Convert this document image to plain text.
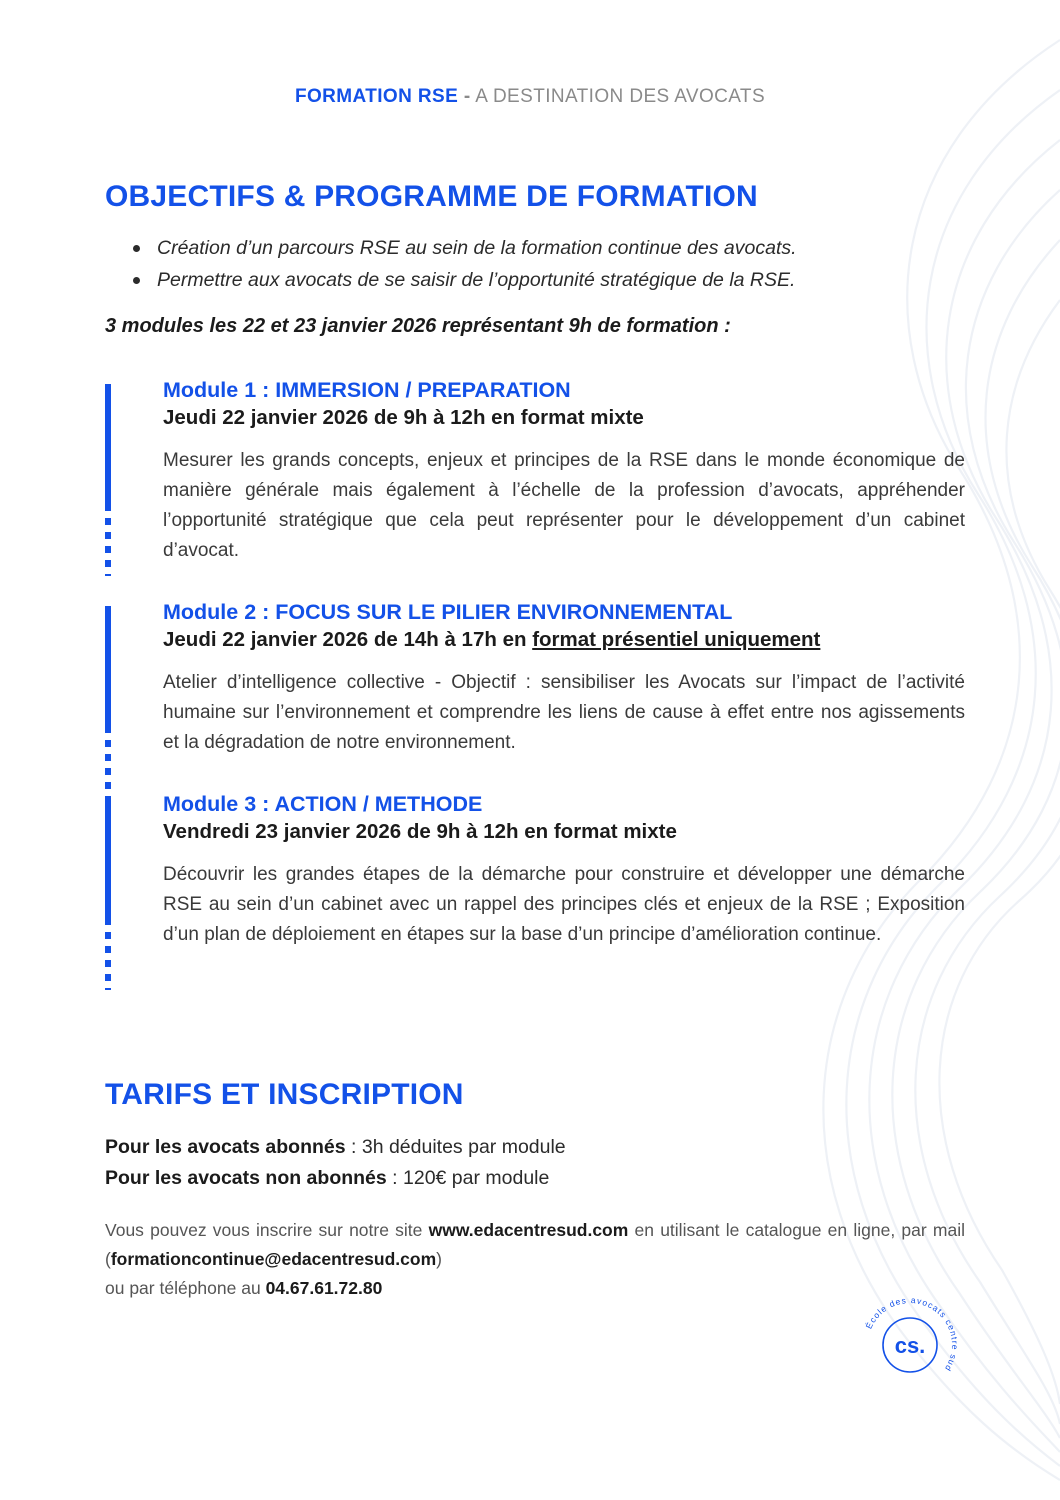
FORMATION RSE - A DESTINATION DES AVOCATS
OBJECTIFS & PROGRAMME DE FORMATION
Création d’un parcours RSE au sein de la formation continue des avocats.
Permettre aux avocats de se saisir de l’opportunité stratégique de la RSE.
3 modules les 22 et 23 janvier 2026 représentant 9h de formation :
Module 1 : IMMERSION / PREPARATION
Jeudi 22 janvier 2026 de 9h à 12h en format mixte
Mesurer les grands concepts, enjeux et principes de la RSE dans le monde économique de manière générale mais également à l’échelle de la profession d’avocats, appréhender l’opportunité stratégique que cela peut représenter pour le développement d’un cabinet d’avocat.
Module 2 : FOCUS SUR LE PILIER ENVIRONNEMENTAL
Jeudi 22 janvier 2026 de 14h à 17h en format présentiel uniquement
Atelier d’intelligence collective - Objectif : sensibiliser les Avocats sur l’impact de l’activité humaine sur l’environnement et comprendre les liens de cause à effet entre nos agissements et la dégradation de notre environnement.
Module 3 : ACTION / METHODE
Vendredi 23 janvier 2026 de 9h à 12h en format mixte
Découvrir les grandes étapes de la démarche pour construire et développer une démarche RSE au sein d’un cabinet avec un rappel des principes clés et enjeux de la RSE ; Exposition d’un plan de déploiement en étapes sur la base d’un principe d’amélioration continue.
TARIFS ET INSCRIPTION
Pour les avocats abonnés : 3h déduites par module
Pour les avocats non abonnés : 120€ par module
Vous pouvez vous inscrire sur notre site www.edacentresud.com en utilisant le catalogue en ligne, par mail (formationcontinue@edacentresud.com)
ou par téléphone au 04.67.61.72.80
École des avocats centre sud
cs.
